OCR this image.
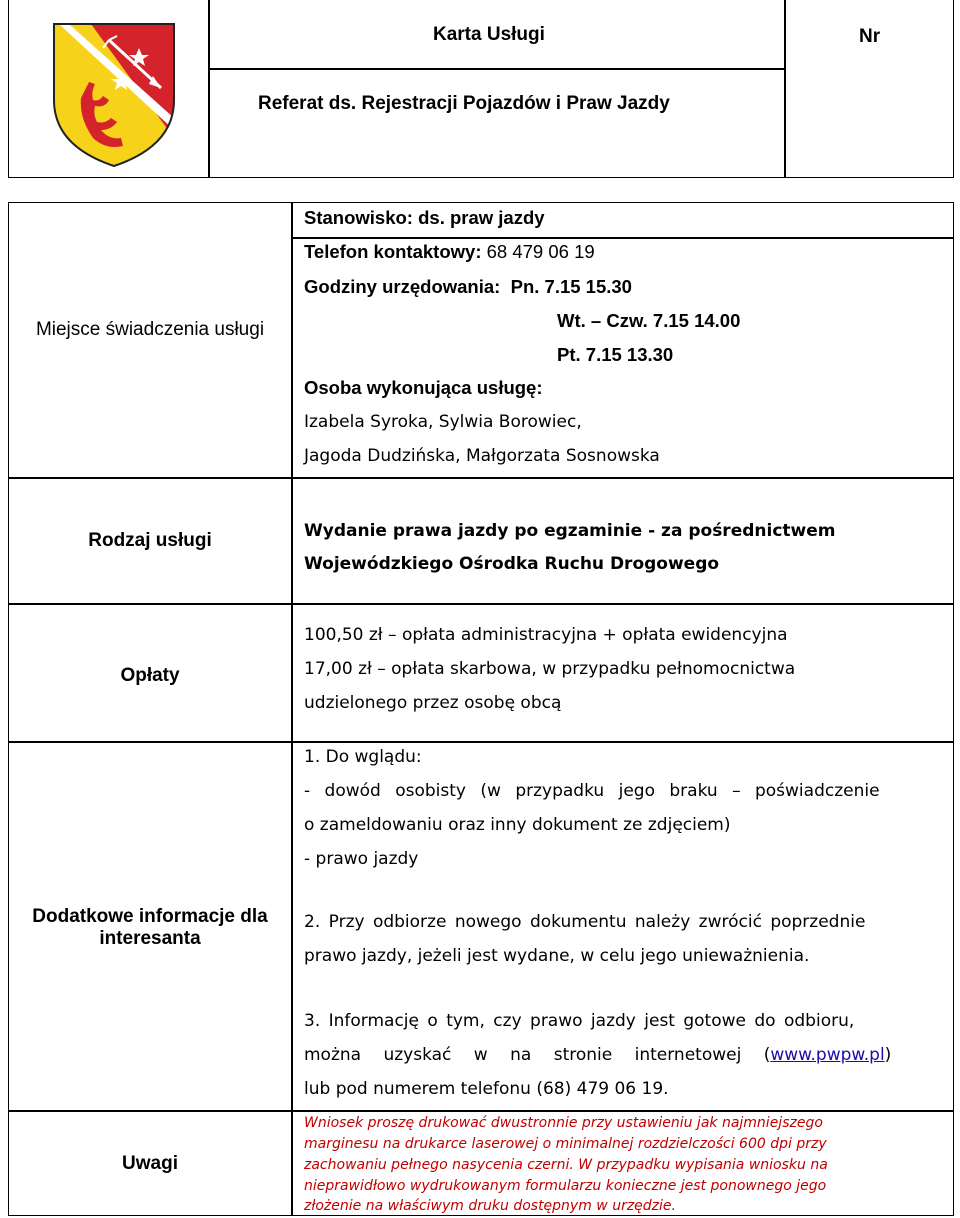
Karta Usługi	Nr
Referat ds. Rejestracji Pojazdów i Praw Jazdy
Miejsce świadczenia usługi
Stanowisko: ds. praw jazdy
Telefon kontaktowy: 68 479 06 19
Godziny urzędowania: Pn. 7.15 15.30
Wt. – Czw. 7.15 14.00
Pt. 7.15 13.30
Osoba wykonująca usługę:
Izabela Syroka, Sylwia Borowiec,
Jagoda Dudzińska, Małgorzata Sosnowska
Rodzaj usługi	Wydanie prawa jazdy po egzaminie - za pośrednictwem
Wojewódzkiego Ośrodka Ruchu Drogowego
Opłaty
100,50 zł – opłata administracyjna + opłata ewidencyjna
17,00 zł – opłata skarbowa, w przypadku pełnomocnictwa
udzielonego przez osobę obcą
Dodatkowe informacje dla interesanta
1. Do wglądu:
- dowód osobisty (w przypadku jego braku – poświadczenie
o zameldowaniu oraz inny dokument ze zdjęciem)
- prawo jazdy
2. Przy odbiorze nowego dokumentu należy zwrócić poprzednie
prawo jazdy, jeżeli jest wydane, w celu jego unieważnienia.
3. Informację o tym, czy prawo jazdy jest gotowe do odbioru,
można uzyskać w na stronie internetowej (www.pwpw.pl)
lub pod numerem telefonu (68) 479 06 19.
Uwagi
Wniosek proszę drukować dwustronnie przy ustawieniu jak najmniejszego
marginesu na drukarce laserowej o minimalnej rozdzielczości 600 dpi przy
zachowaniu pełnego nasycenia czerni. W przypadku wypisania wniosku na
nieprawidłowo wydrukowanym formularzu konieczne jest ponownego jego
złożenie na właściwym druku dostępnym w urzędzie.
